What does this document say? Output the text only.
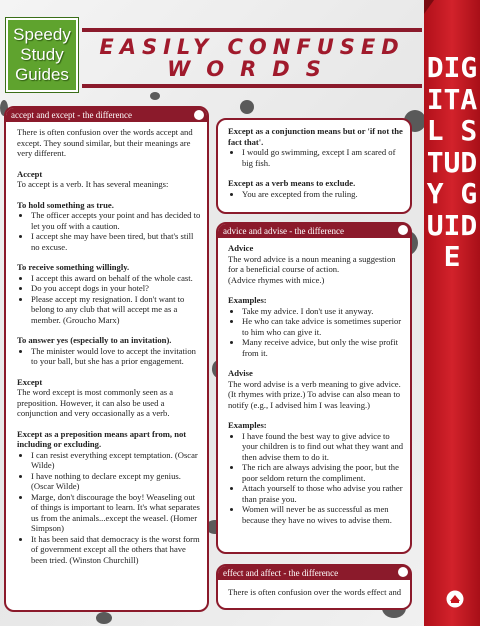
Speedy
Study
Guides
EASILY CONFUSED
WORDS
accept and except - the difference

There is often confusion over the words accept and except. They sound similar, but their meanings are very different.

Accept

To accept is a verb. It has several meanings:

To hold something as true.

• The officer accepts your point and has decided to let you off with a caution.
• I accept she may have been tired, but that's still no excuse.

To receive something willingly.

• I accept this award on behalf of the whole cast.
• Do you accept dogs in your hotel?
• Please accept my resignation. I don't want to belong to any club that will accept me as a member. (Groucho Marx)

To answer yes (especially to an invitation).

• The minister would love to accept the invitation to your ball, but she has a prior engagement.

Except

The word except is most commonly seen as a preposition. However, it can also be used a conjunction and very occasionally as a verb.

Except as a preposition means apart from, not including or excluding.

• I can resist everything except temptation. (Oscar Wilde)
• I have nothing to declare except my genius. (Oscar Wilde)
• Marge, don't discourage the boy! Weaseling out of things is important to learn. It's what separates us from the animals...except the weasel. (Homer Simpson)
• It has been said that democracy is the worst form of government except all the others that have been tried. (Winston Churchill)

Except as a conjunction means but or 'if not the fact that'.

• I would go swimming, except I am scared of big fish.

Except as a verb means to exclude.

• You are excepted from the ruling.
advice and advise - the difference

Advice

The word advice is a noun meaning a suggestion for a beneficial course of action.

(Advice rhymes with mice.)

Examples:

• Take my advice. I don't use it anyway.
• He who can take advice is sometimes superior to him who can give it.
• Many receive advice, but only the wise profit from it.

Advise

The word advise is a verb meaning to give advice. (It rhymes with prize.) To advise can also mean to notify (e.g., I advised him I was leaving.)

Examples:

• I have found the best way to give advice to your children is to find out what they want and then advise them to do it.
• The rich are always advising the poor, but the poor seldom return the compliment.
• Attach yourself to those who advise you rather than praise you.
• Women will never be as successful as men because they have no wives to advise them.
effect and affect - the difference

There is often confusion over the words effect and

DIGITAL STUDY GUIDE
